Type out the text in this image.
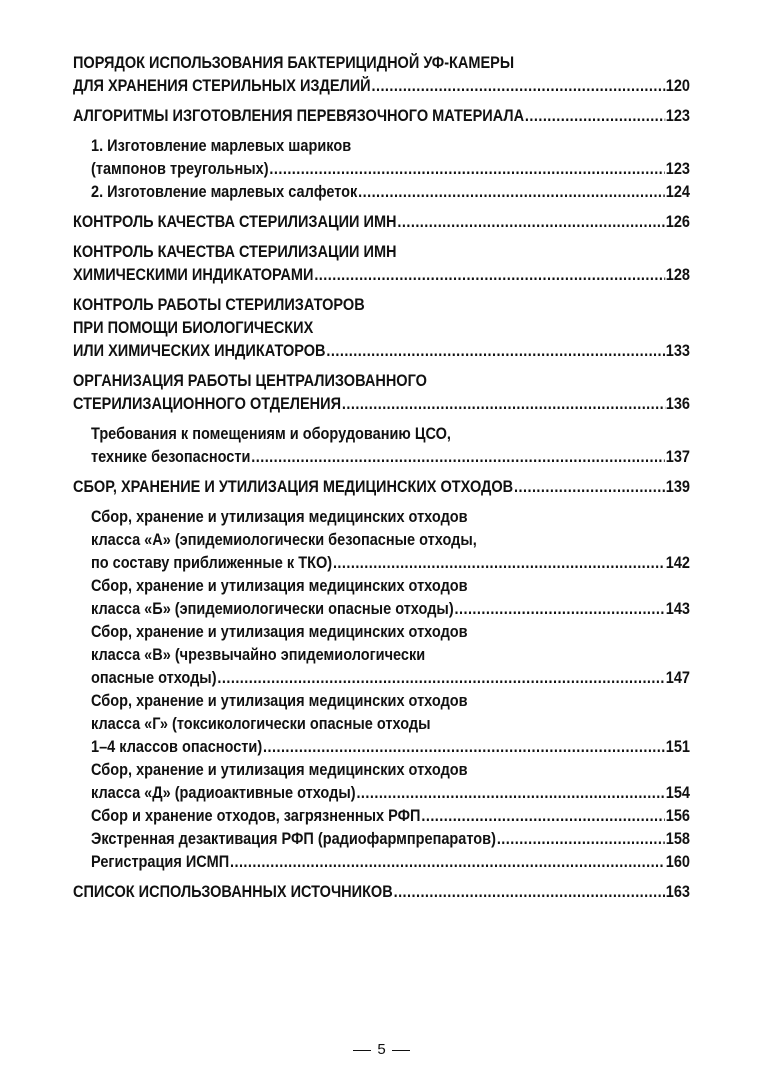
ПОРЯДОК ИСПОЛЬЗОВАНИЯ БАКТЕРИЦИДНОЙ УФ-КАМЕРЫ
ДЛЯ ХРАНЕНИЯ СТЕРИЛЬНЫХ ИЗДЕЛИЙ .....	120
АЛГОРИТМЫ ИЗГОТОВЛЕНИЯ ПЕРЕВЯЗОЧНОГО МАТЕРИАЛА .....	123
1. Изготовление марлевых шариков
(тампонов треугольных) .....	123
2. Изготовление марлевых салфеток .....	124
КОНТРОЛЬ КАЧЕСТВА СТЕРИЛИЗАЦИИ ИМН .....	126
КОНТРОЛЬ КАЧЕСТВА СТЕРИЛИЗАЦИИ ИМН
ХИМИЧЕСКИМИ ИНДИКАТОРАМИ .....	128
КОНТРОЛЬ РАБОТЫ СТЕРИЛИЗАТОРОВ
ПРИ ПОМОЩИ БИОЛОГИЧЕСКИХ
ИЛИ ХИМИЧЕСКИХ ИНДИКАТОРОВ .....	133
ОРГАНИЗАЦИЯ РАБОТЫ ЦЕНТРАЛИЗОВАННОГО
СТЕРИЛИЗАЦИОННОГО ОТДЕЛЕНИЯ .....	136
Требования к помещениям и оборудованию ЦСО,
технике безопасности .....	137
СБОР, ХРАНЕНИЕ И УТИЛИЗАЦИЯ МЕДИЦИНСКИХ ОТХОДОВ .....	139
Сбор, хранение и утилизация медицинских отходов
класса «А» (эпидемиологически безопасные отходы,
по составу приближенные к ТКО) .....	142
Сбор, хранение и утилизация медицинских отходов
класса «Б» (эпидемиологически опасные отходы) .....	143
Сбор, хранение и утилизация медицинских отходов
класса «В» (чрезвычайно эпидемиологически
опасные отходы) .....	147
Сбор, хранение и утилизация медицинских отходов
класса «Г» (токсикологически опасные отходы
1–4 классов опасности) .....	151
Сбор, хранение и утилизация медицинских отходов
класса «Д» (радиоактивные отходы) .....	154
Сбор и хранение отходов, загрязненных РФП .....	156
Экстренная дезактивация РФП (радиофармпрепаратов) .....	158
Регистрация ИСМП .....	160
СПИСОК ИСПОЛЬЗОВАННЫХ ИСТОЧНИКОВ .....	163
5
